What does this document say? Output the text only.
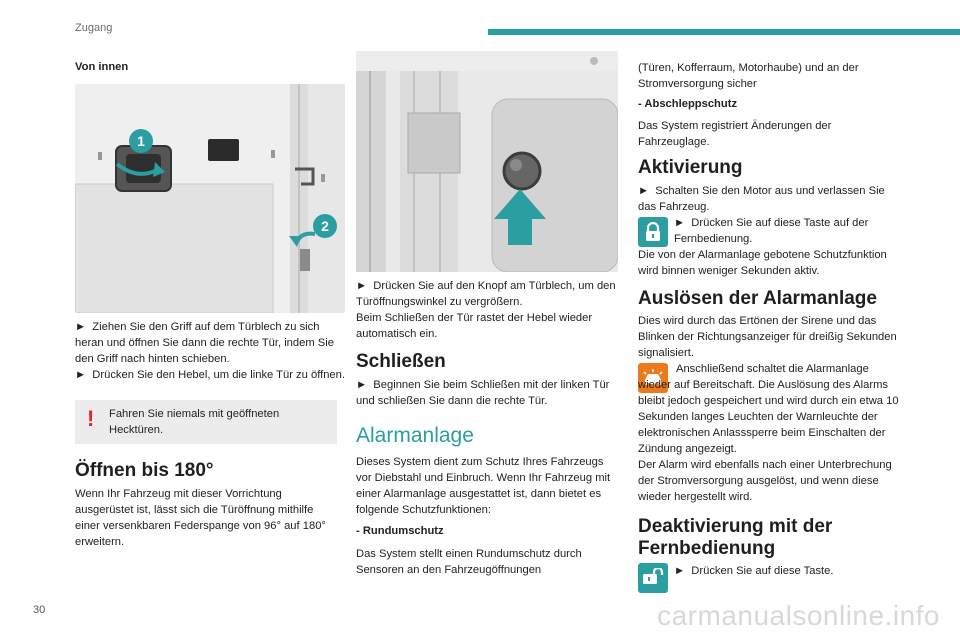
Zugang
Von innen
1
2
► Ziehen Sie den Griff auf dem Türblech zu sich heran und öffnen Sie dann die rechte Tür, indem Sie den Griff nach hinten schieben.
► Drücken Sie den Hebel, um die linke Tür zu öffnen.
! Fahren Sie niemals mit geöffneten Hecktüren.
Öffnen bis 180°
Wenn Ihr Fahrzeug mit dieser Vorrichtung ausgerüstet ist, lässt sich die Türöffnung mithilfe einer versenkbaren Federspange von 96° auf 180° erweitern.
► Drücken Sie auf den Knopf am Türblech, um den Türöffnungswinkel zu vergrößern.
Beim Schließen der Tür rastet der Hebel wieder automatisch ein.
Schließen
► Beginnen Sie beim Schließen mit der linken Tür und schließen Sie dann die rechte Tür.
Alarmanlage
Dieses System dient zum Schutz Ihres Fahrzeugs vor Diebstahl und Einbruch. Wenn Ihr Fahrzeug mit einer Alarmanlage ausgestattet ist, dann bietet es folgende Schutzfunktionen:
- Rundumschutz
Das System stellt einen Rundumschutz durch Sensoren an den Fahrzeugöffnungen
(Türen, Kofferraum, Motorhaube) und an der Stromversorgung sicher
- Abschleppschutz
Das System registriert Änderungen der Fahrzeuglage.
Aktivierung
► Schalten Sie den Motor aus und verlassen Sie das Fahrzeug.
► Drücken Sie auf diese Taste auf der Fernbedienung.
Die von der Alarmanlage gebotene Schutzfunktion wird binnen weniger Sekunden aktiv.
Auslösen der Alarmanlage
Dies wird durch das Ertönen der Sirene und das Blinken der Richtungsanzeiger für dreißig Sekunden signalisiert.
Anschließend schaltet die Alarmanlage wieder auf Bereitschaft. Die Auslösung des Alarms bleibt jedoch gespeichert und wird durch ein etwa 10 Sekunden langes Leuchten der Warnleuchte der elektronischen Anlasssperre beim Einschalten der Zündung angezeigt.
Der Alarm wird ebenfalls nach einer Unterbrechung der Stromversorgung ausgelöst, und wenn diese wieder hergestellt wird.
Deaktivierung mit der Fernbedienung
► Drücken Sie auf diese Taste.
30	carmanualsonline.info
